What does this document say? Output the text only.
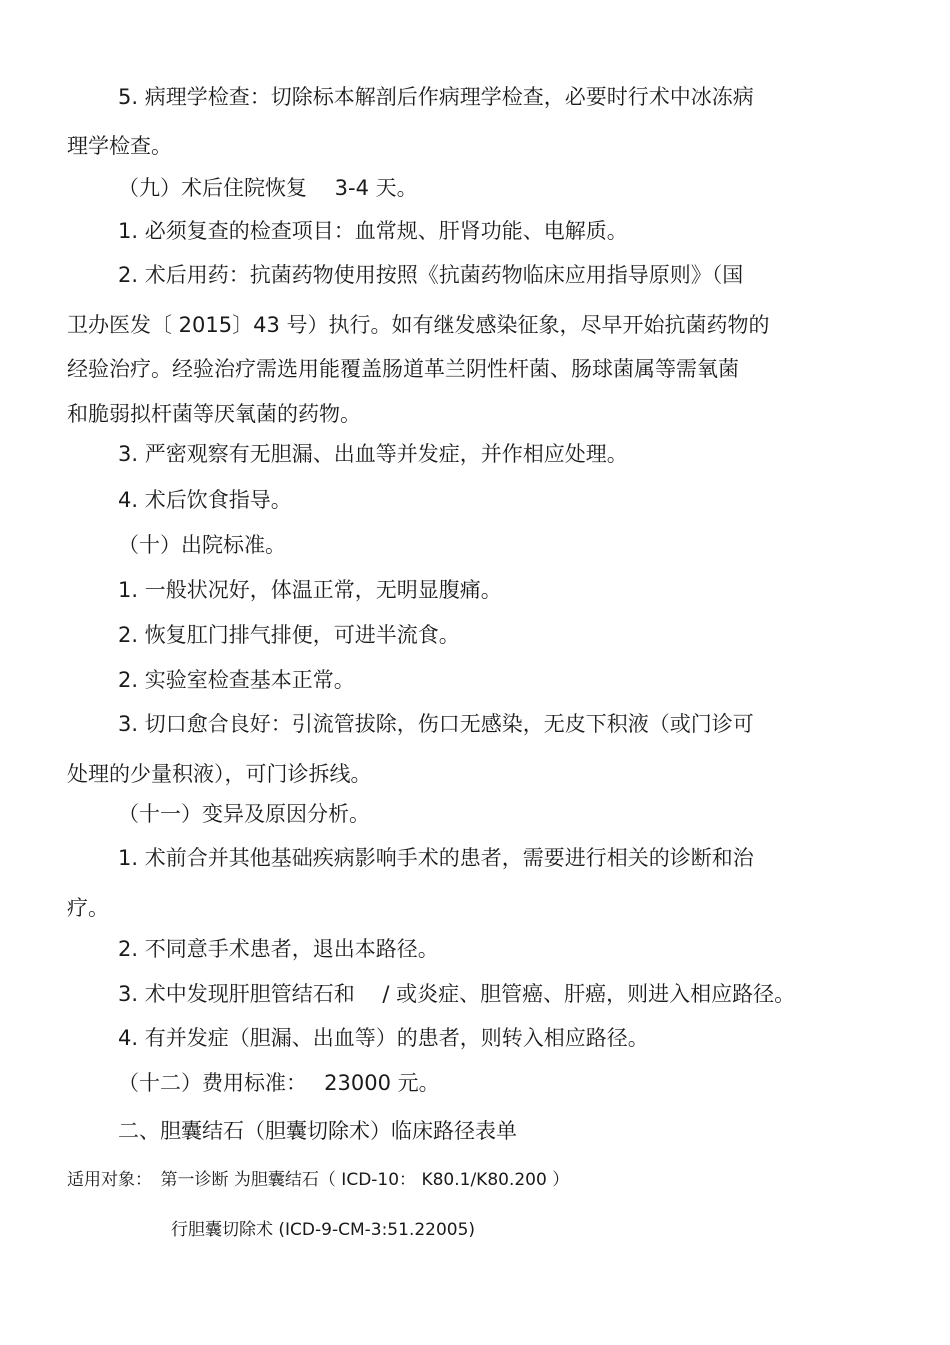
5. 病理学检查：切除标本解剖后作病理学检查，必要时行术中冰冻病
理学检查。
（九）术后住院恢复　 3-4 天。
1. 必须复查的检查项目：血常规、肝肾功能、电解质。
2. 术后用药：抗菌药物使用按照《抗菌药物临床应用指导原则》（国
卫办医发〔 2015〕43 号）执行。如有继发感染征象，尽早开始抗菌药物的
经验治疗。经验治疗需选用能覆盖肠道革兰阴性杆菌、肠球菌属等需氧菌
和脆弱拟杆菌等厌氧菌的药物。
3. 严密观察有无胆漏、出血等并发症，并作相应处理。
4. 术后饮食指导。
（十）出院标准。
1. 一般状况好，体温正常，无明显腹痛。
2. 恢复肛门排气排便，可进半流食。
2. 实验室检查基本正常。
3. 切口愈合良好：引流管拔除，伤口无感染，无皮下积液（或门诊可
处理的少量积液），可门诊拆线。
（十一）变异及原因分析。
1. 术前合并其他基础疾病影响手术的患者，需要进行相关的诊断和治
疗。
2. 不同意手术患者，退出本路径。
3. 术中发现肝胆管结石和　 / 或炎症、胆管癌、肝癌，则进入相应路径。
4. 有并发症（胆漏、出血等）的患者，则转入相应路径。
（十二）费用标准：　 23000 元。
二、胆囊结石（胆囊切除术）临床路径表单
适用对象：　第一诊断 为胆囊结石（ ICD-10： K80.1/K80.200 ）
行胆囊切除术 (ICD-9-CM-3:51.22005)
